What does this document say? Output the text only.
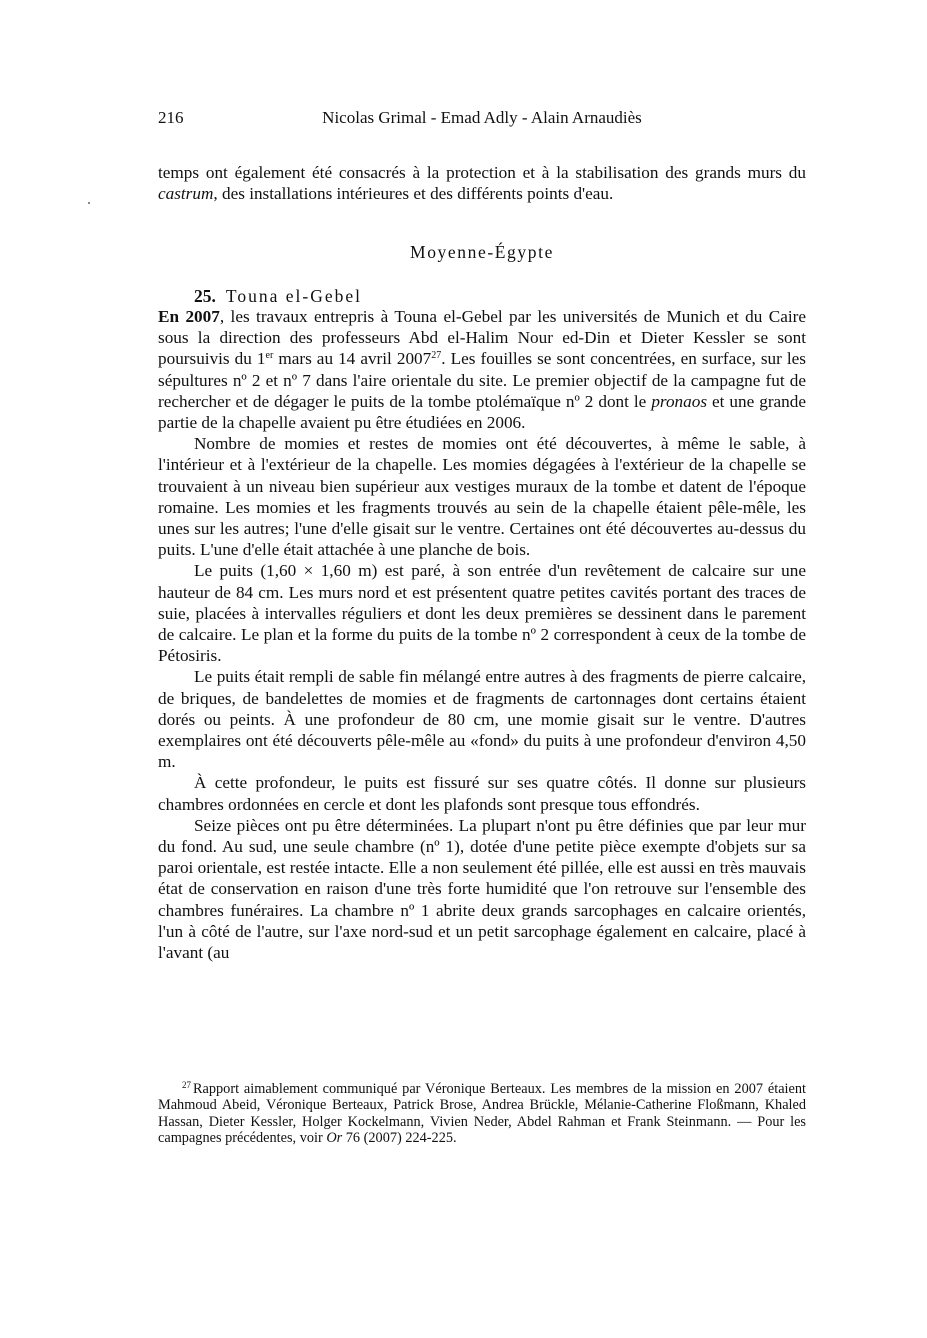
216	Nicolas Grimal - Emad Adly - Alain Arnaudiès

temps ont également été consacrés à la protection et à la stabilisation des grands murs du castrum, des installations intérieures et des différents points d'eau.

Moyenne-Égypte
25. Touna el-Gebel

En 2007, les travaux entrepris à Touna el-Gebel par les universités de Munich et du Caire sous la direction des professeurs Abd el-Halim Nour ed-Din et Dieter Kessler se sont poursuivis du 1er mars au 14 avril 2007$^{27}$. Les fouilles se sont concentrées, en surface, sur les sépultures nº 2 et nº 7 dans l'aire orientale du site. Le premier objectif de la campagne fut de rechercher et de dégager le puits de la tombe ptolémaïque nº 2 dont le pronaos et une grande partie de la chapelle avaient pu être étudiées en 2006.

Nombre de momies et restes de momies ont été découvertes, à même le sable, à l'intérieur et à l'extérieur de la chapelle. Les momies dégagées à l'extérieur de la chapelle se trouvaient à un niveau bien supérieur aux vestiges muraux de la tombe et datent de l'époque romaine. Les momies et les fragments trouvés au sein de la chapelle étaient pêle-mêle, les unes sur les autres; l'une d'elle gisait sur le ventre. Certaines ont été découvertes au-dessus du puits. L'une d'elle était attachée à une planche de bois.

Le puits (1,60 × 1,60 m) est paré, à son entrée d'un revêtement de calcaire sur une hauteur de 84 cm. Les murs nord et est présentent quatre petites cavités portant des traces de suie, placées à intervalles réguliers et dont les deux premières se dessinent dans le parement de calcaire. Le plan et la forme du puits de la tombe nº 2 correspondent à ceux de la tombe de Pétosiris.

Le puits était rempli de sable fin mélangé entre autres à des fragments de pierre calcaire, de briques, de bandelettes de momies et de fragments de cartonnages dont certains étaient dorés ou peints. À une profondeur de 80 cm, une momie gisait sur le ventre. D'autres exemplaires ont été découverts pêle-mêle au «fond» du puits à une profondeur d'environ 4,50 m.

À cette profondeur, le puits est fissuré sur ses quatre côtés. Il donne sur plusieurs chambres ordonnées en cercle et dont les plafonds sont presque tous effondrés.

Seize pièces ont pu être déterminées. La plupart n'ont pu être définies que par leur mur du fond. Au sud, une seule chambre (nº 1), dotée d'une petite pièce exempte d'objets sur sa paroi orientale, est restée intacte. Elle a non seulement été pillée, elle est aussi en très mauvais état de conservation en raison d'une très forte humidité que l'on retrouve sur l'ensemble des chambres funéraires. La chambre nº 1 abrite deux grands sarcophages en calcaire orientés, l'un à côté de l'autre, sur l'axe nord-sud et un petit sarcophage également en calcaire, placé à l'avant (au

$^{27}$ Rapport aimablement communiqué par Véronique Berteaux. Les membres de la mission en 2007 étaient Mahmoud Abeid, Véronique Berteaux, Patrick Brose, Andrea Brückle, Mélanie-Catherine Floßmann, Khaled Hassan, Dieter Kessler, Holger Kockelmann, Vivien Neder, Abdel Rahman et Frank Steinmann. — Pour les campagnes précédentes, voir Or 76 (2007) 224-225.
